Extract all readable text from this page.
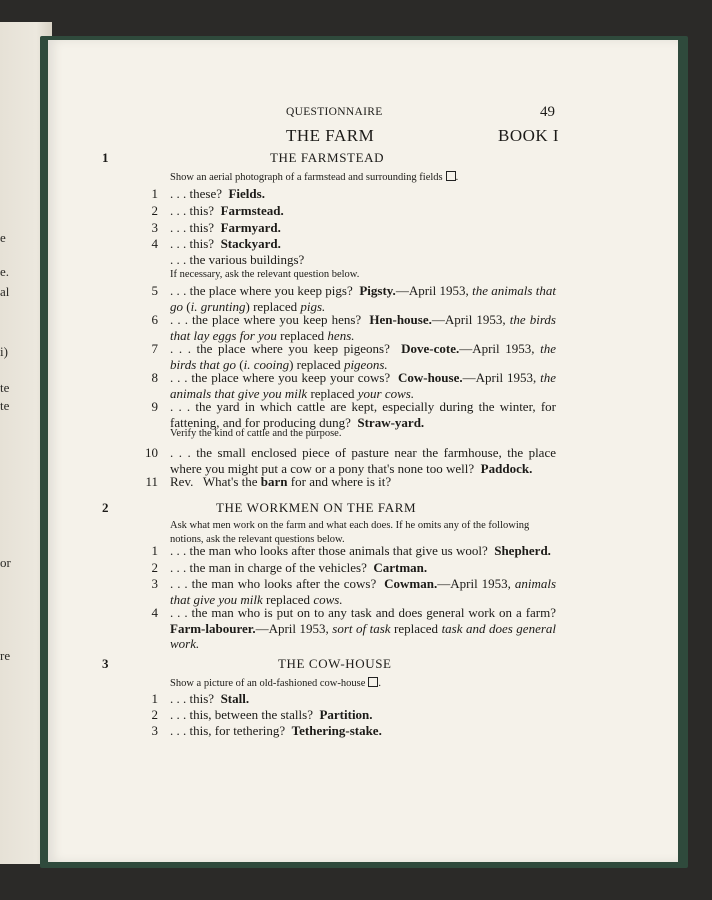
e
e.
al
i)
te
te
or
re
QUESTIONNAIRE	49
THE FARM	BOOK I
1	THE FARMSTEAD
Show an aerial photograph of a farmstead and surrounding fields .
1 . . . these? Fields.
2 . . . this? Farmstead.
3 . . . this? Farmyard.
4 . . . this? Stackyard.
. . . the various buildings?
If necessary, ask the relevant question below.
5 . . . the place where you keep pigs? Pigsty.—April 1953, the animals that go (i. grunting) replaced pigs.
6 . . . the place where you keep hens? Hen-house.—April 1953, the birds that lay eggs for you replaced hens.
7 . . . the place where you keep pigeons? Dove-cote.—April 1953, the birds that go (i. cooing) replaced pigeons.
8 . . . the place where you keep your cows? Cow-house.—April 1953, the animals that give you milk replaced your cows.
9 . . . the yard in which cattle are kept, especially during the winter, for fattening, and for producing dung? Straw-yard.
Verify the kind of cattle and the purpose.
10 . . . the small enclosed piece of pasture near the farmhouse, the place where you might put a cow or a pony that's none too well? Paddock.
11 Rev.   What's the barn for and where is it?
2	THE WORKMEN ON THE FARM
Ask what men work on the farm and what each does. If he omits any of the following notions, ask the relevant questions below.
1 . . . the man who looks after those animals that give us wool? Shepherd.
2 . . . the man in charge of the vehicles? Cartman.
3 . . . the man who looks after the cows? Cowman.—April 1953, animals that give you milk replaced cows.
4 . . . the man who is put on to any task and does general work on a farm? Farm-labourer.—April 1953, sort of task replaced task and does general work.
3	THE COW-HOUSE
Show a picture of an old-fashioned cow-house .
1 . . . this? Stall.
2 . . . this, between the stalls? Partition.
3 . . . this, for tethering? Tethering-stake.
